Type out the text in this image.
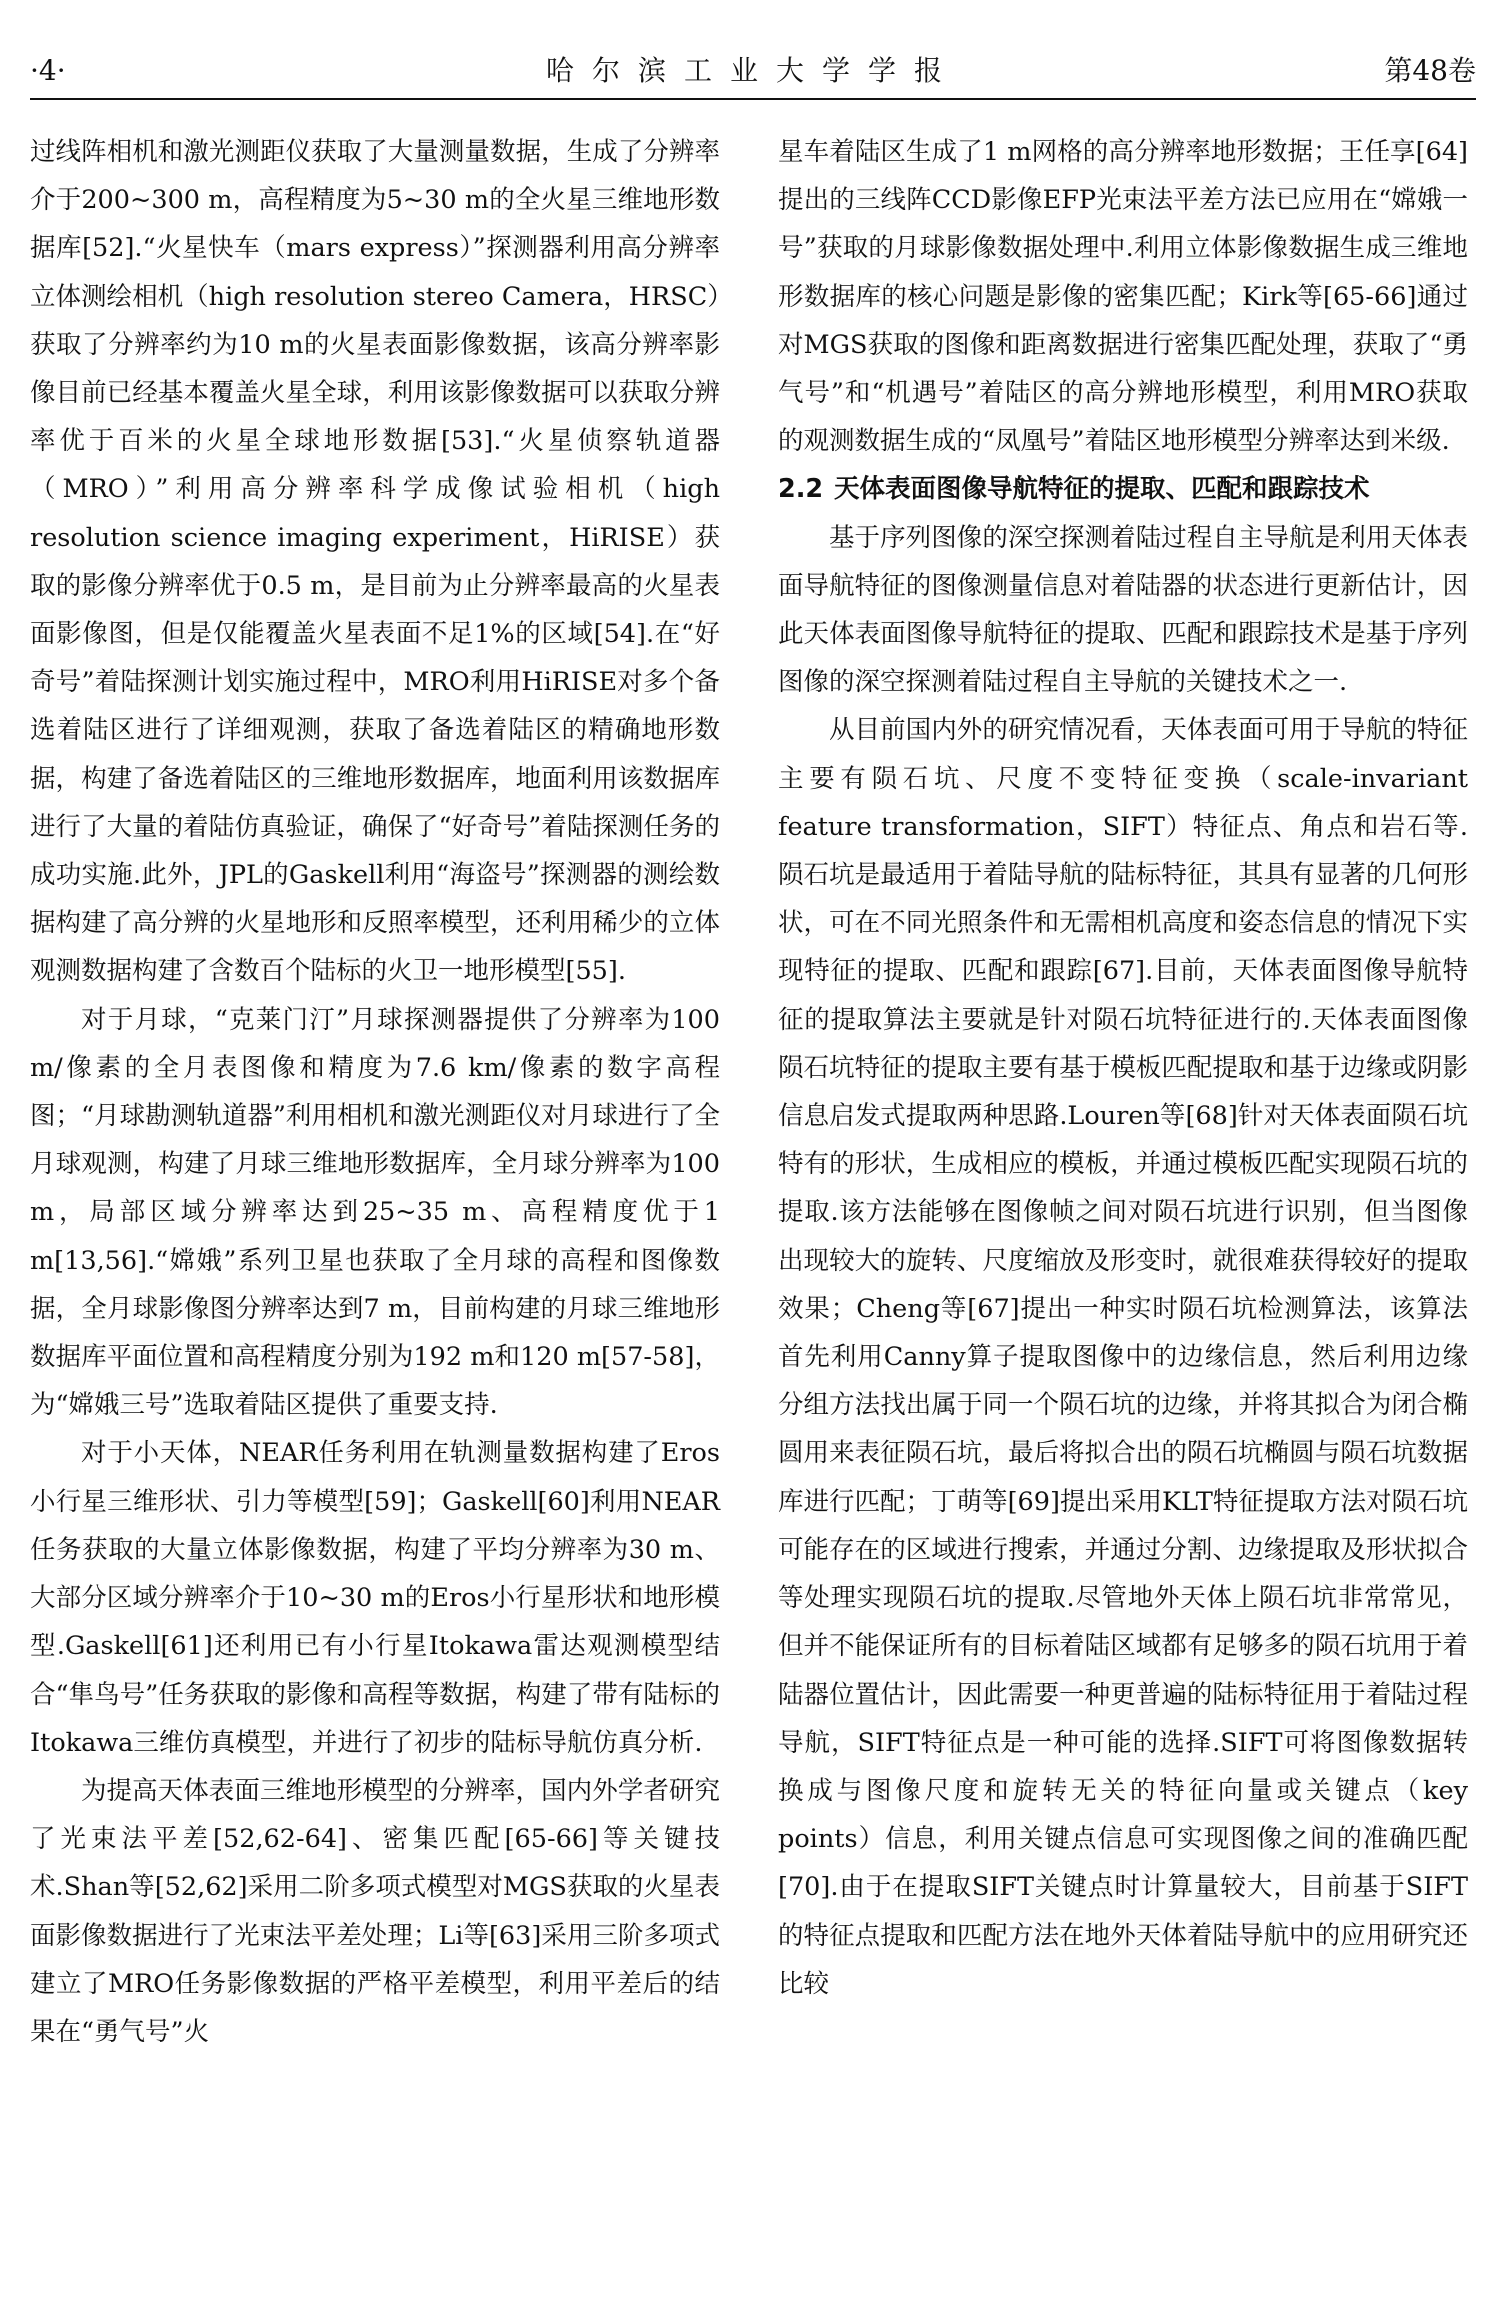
·4·	哈尔滨工业大学学报	第48卷

过线阵相机和激光测距仪获取了大量测量数据，生成了分辨率介于200~300 m，高程精度为5~30 m的全火星三维地形数据库[52].“火星快车（mars express）”探测器利用高分辨率立体测绘相机（high resolution stereo Camera，HRSC）获取了分辨率约为10 m的火星表面影像数据，该高分辨率影像目前已经基本覆盖火星全球，利用该影像数据可以获取分辨率优于百米的火星全球地形数据[53].“火星侦察轨道器（MRO）”利用高分辨率科学成像试验相机（high resolution science imaging experiment，HiRISE）获取的影像分辨率优于0.5 m，是目前为止分辨率最高的火星表面影像图，但是仅能覆盖火星表面不足1%的区域[54].在“好奇号”着陆探测计划实施过程中，MRO利用HiRISE对多个备选着陆区进行了详细观测，获取了备选着陆区的精确地形数据，构建了备选着陆区的三维地形数据库，地面利用该数据库进行了大量的着陆仿真验证，确保了“好奇号”着陆探测任务的成功实施.此外，JPL的Gaskell利用“海盗号”探测器的测绘数据构建了高分辨的火星地形和反照率模型，还利用稀少的立体观测数据构建了含数百个陆标的火卫一地形模型[55].

对于月球，“克莱门汀”月球探测器提供了分辨率为100 m/像素的全月表图像和精度为7.6 km/像素的数字高程图；“月球勘测轨道器”利用相机和激光测距仪对月球进行了全月球观测，构建了月球三维地形数据库，全月球分辨率为100 m，局部区域分辨率达到25~35 m、高程精度优于1 m[13,56].“嫦娥”系列卫星也获取了全月球的高程和图像数据，全月球影像图分辨率达到7 m，目前构建的月球三维地形数据库平面位置和高程精度分别为192 m和120 m[57-58]，为“嫦娥三号”选取着陆区提供了重要支持.

对于小天体，NEAR任务利用在轨测量数据构建了Eros小行星三维形状、引力等模型[59]；Gaskell[60]利用NEAR任务获取的大量立体影像数据，构建了平均分辨率为30 m、大部分区域分辨率介于10~30 m的Eros小行星形状和地形模型.Gaskell[61]还利用已有小行星Itokawa雷达观测模型结合“隼鸟号”任务获取的影像和高程等数据，构建了带有陆标的Itokawa三维仿真模型，并进行了初步的陆标导航仿真分析.

为提高天体表面三维地形模型的分辨率，国内外学者研究了光束法平差[52,62-64]、密集匹配[65-66]等关键技术.Shan等[52,62]采用二阶多项式模型对MGS获取的火星表面影像数据进行了光束法平差处理；Li等[63]采用三阶多项式建立了MRO任务影像数据的严格平差模型，利用平差后的结果在“勇气号”火

星车着陆区生成了1 m网格的高分辨率地形数据；王任享[64]提出的三线阵CCD影像EFP光束法平差方法已应用在“嫦娥一号”获取的月球影像数据处理中.利用立体影像数据生成三维地形数据库的核心问题是影像的密集匹配；Kirk等[65-66]通过对MGS获取的图像和距离数据进行密集匹配处理，获取了“勇气号”和“机遇号”着陆区的高分辨地形模型，利用MRO获取的观测数据生成的“凤凰号”着陆区地形模型分辨率达到米级.

2.2 天体表面图像导航特征的提取、匹配和跟踪技术

基于序列图像的深空探测着陆过程自主导航是利用天体表面导航特征的图像测量信息对着陆器的状态进行更新估计，因此天体表面图像导航特征的提取、匹配和跟踪技术是基于序列图像的深空探测着陆过程自主导航的关键技术之一.

从目前国内外的研究情况看，天体表面可用于导航的特征主要有陨石坑、尺度不变特征变换（scale-invariant feature transformation，SIFT）特征点、角点和岩石等.陨石坑是最适用于着陆导航的陆标特征，其具有显著的几何形状，可在不同光照条件和无需相机高度和姿态信息的情况下实现特征的提取、匹配和跟踪[67].目前，天体表面图像导航特征的提取算法主要就是针对陨石坑特征进行的.天体表面图像陨石坑特征的提取主要有基于模板匹配提取和基于边缘或阴影信息启发式提取两种思路.Louren等[68]针对天体表面陨石坑特有的形状，生成相应的模板，并通过模板匹配实现陨石坑的提取.该方法能够在图像帧之间对陨石坑进行识别，但当图像出现较大的旋转、尺度缩放及形变时，就很难获得较好的提取效果；Cheng等[67]提出一种实时陨石坑检测算法，该算法首先利用Canny算子提取图像中的边缘信息，然后利用边缘分组方法找出属于同一个陨石坑的边缘，并将其拟合为闭合椭圆用来表征陨石坑，最后将拟合出的陨石坑椭圆与陨石坑数据库进行匹配；丁萌等[69]提出采用KLT特征提取方法对陨石坑可能存在的区域进行搜索，并通过分割、边缘提取及形状拟合等处理实现陨石坑的提取.尽管地外天体上陨石坑非常常见，但并不能保证所有的目标着陆区域都有足够多的陨石坑用于着陆器位置估计，因此需要一种更普遍的陆标特征用于着陆过程导航，SIFT特征点是一种可能的选择.SIFT可将图像数据转换成与图像尺度和旋转无关的特征向量或关键点（key points）信息，利用关键点信息可实现图像之间的准确匹配[70].由于在提取SIFT关键点时计算量较大，目前基于SIFT的特征点提取和匹配方法在地外天体着陆导航中的应用研究还比较
